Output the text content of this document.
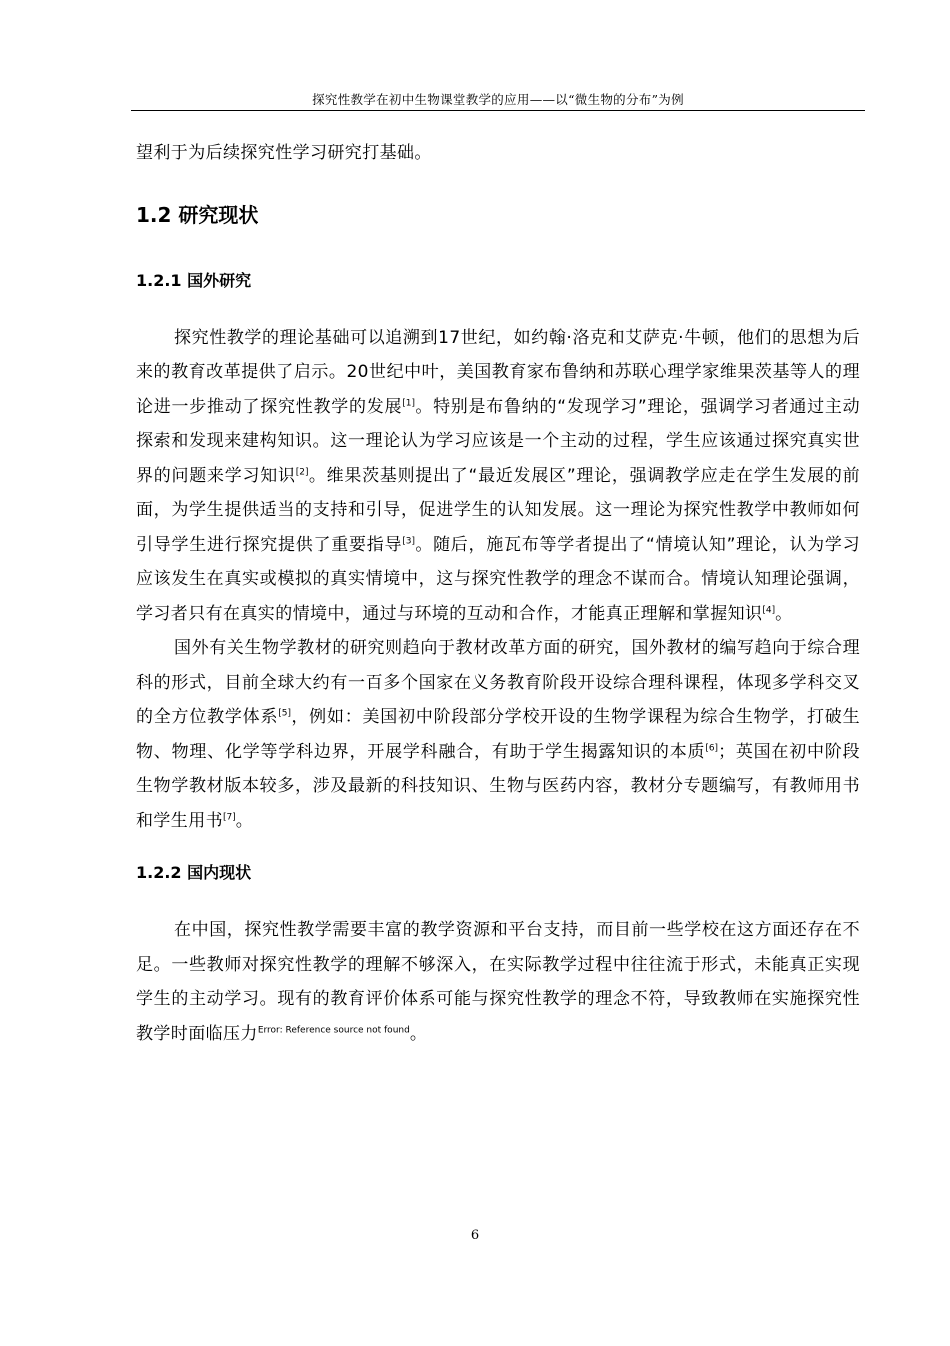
探究性教学在初中生物课堂教学的应用——以“微生物的分布”为例

望利于为后续探究性学习研究打基础。

1.2 研究现状
1.2.1 国外研究

探究性教学的理论基础可以追溯到17世纪，如约翰·洛克和艾萨克·牛顿，他们的思想为后来的教育改革提供了启示。20世纪中叶，美国教育家布鲁纳和苏联心理学家维果茨基等人的理论进一步推动了探究性教学的发展[1]。特别是布鲁纳的“发现学习”理论，强调学习者通过主动探索和发现来建构知识。这一理论认为学习应该是一个主动的过程，学生应该通过探究真实世界的问题来学习知识[2]。维果茨基则提出了“最近发展区”理论，强调教学应走在学生发展的前面，为学生提供适当的支持和引导，促进学生的认知发展。这一理论为探究性教学中教师如何引导学生进行探究提供了重要指导[3]。随后，施瓦布等学者提出了“情境认知”理论，认为学习应该发生在真实或模拟的真实情境中，这与探究性教学的理念不谋而合。情境认知理论强调，学习者只有在真实的情境中，通过与环境的互动和合作，才能真正理解和掌握知识[4]。

国外有关生物学教材的研究则趋向于教材改革方面的研究，国外教材的编写趋向于综合理科的形式，目前全球大约有一百多个国家在义务教育阶段开设综合理科课程，体现多学科交叉的全方位教学体系[5]，例如：美国初中阶段部分学校开设的生物学课程为综合生物学，打破生物、物理、化学等学科边界，开展学科融合，有助于学生揭露知识的本质[6]；英国在初中阶段生物学教材版本较多，涉及最新的科技知识、生物与医药内容，教材分专题编写，有教师用书和学生用书[7]。

1.2.2 国内现状

在中国，探究性教学需要丰富的教学资源和平台支持，而目前一些学校在这方面还存在不足。一些教师对探究性教学的理解不够深入，在实际教学过程中往往流于形式，未能真正实现学生的主动学习。现有的教育评价体系可能与探究性教学的理念不符，导致教师在实施探究性教学时面临压力$^{Error: Reference source not found}$。

6
